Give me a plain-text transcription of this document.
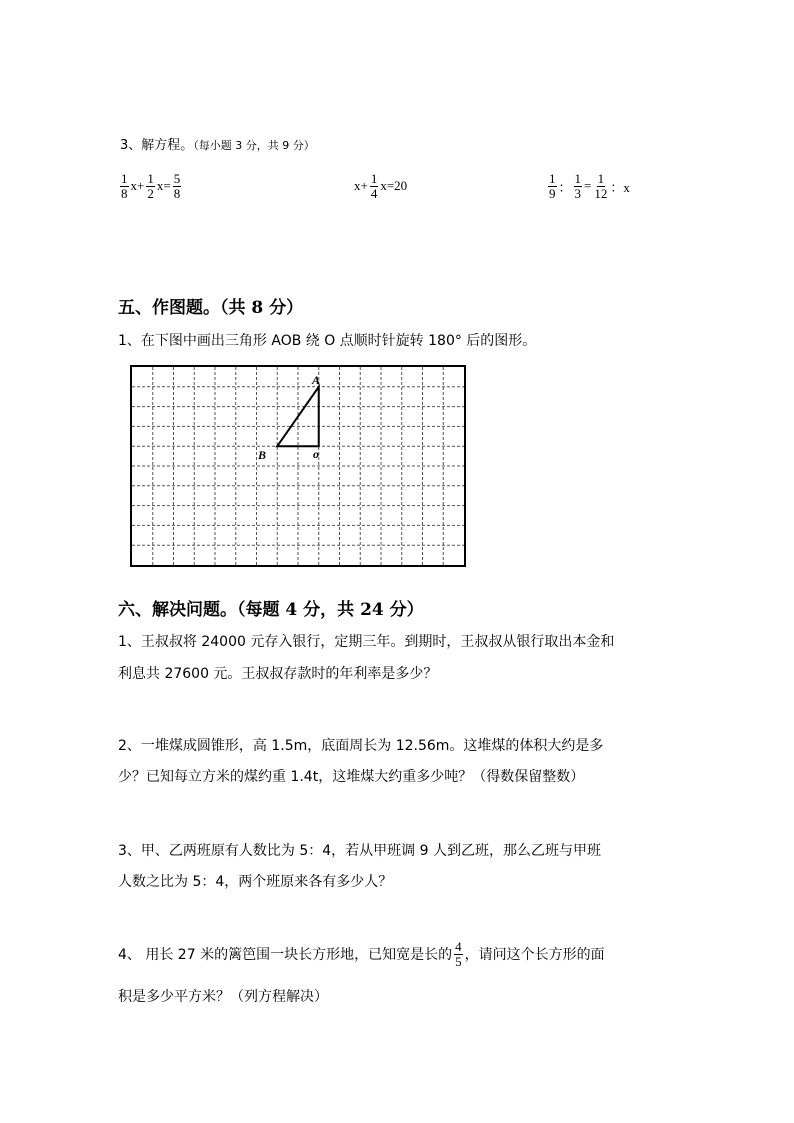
3、解方程。（每小题 3 分，共 9 分）
$\frac{1}{8} x+ \frac{1}{2} x= \frac{5}{8}$	$x+ \frac{1}{4} x=20$	$\frac{1}{9}$ ： $\frac{1}{3} = \frac{1}{12}$ ：x
五、作图题。（共 8 分）
1、在下图中画出三角形 AOB 绕 O 点顺时针旋转 180° 后的图形。
A
B	o
六、解决问题。（每题 4 分，共 24 分）
1、王叔叔将 24000 元存入银行，定期三年。到期时，王叔叔从银行取出本金和
利息共 27600 元。王叔叔存款时的年利率是多少？
2、一堆煤成圆锥形，高 1.5m，底面周长为 12.56m。这堆煤的体积大约是多
少？已知每立方米的煤约重 1.4t，这堆煤大约重多少吨？（得数保留整数）
3、甲、乙两班原有人数比为 5：4，若从甲班调 9 人到乙班，那么乙班与甲班
人数之比为 5：4，两个班原来各有多少人？
4、 用长 27 米的篱笆围一块长方形地，已知宽是长的 $\frac{4}{5}$ ，请问这个长方形的面
积是多少平方米？（列方程解决）
